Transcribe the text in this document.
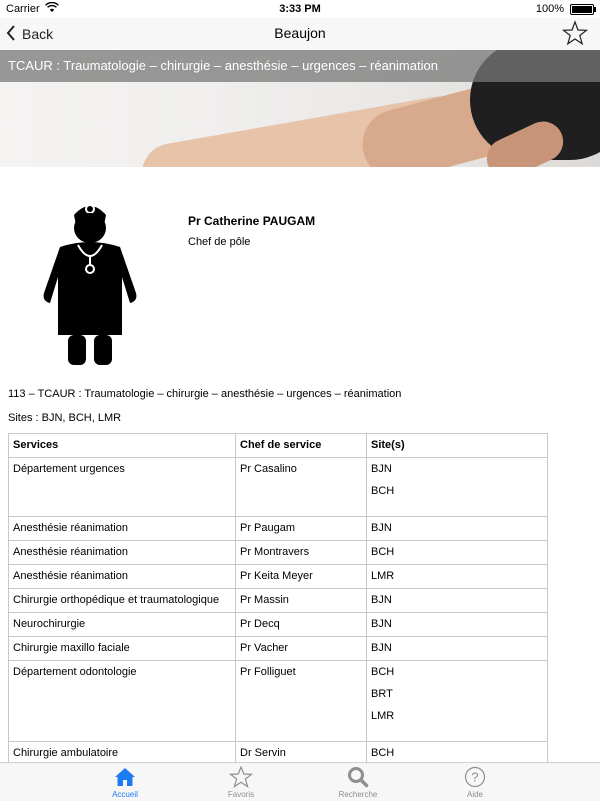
Carrier	3:33 PM	100%
Back	Beaujon
TCAUR : Traumatologie – chirurgie – anesthésie – urgences – réanimation
Pr Catherine PAUGAM
Chef de pôle
113 – TCAUR : Traumatologie – chirurgie – anesthésie – urgences – réanimation
Sites : BJN, BCH, LMR
Services	Chef de service	Site(s)
Département urgences	Pr Casalino	BJN
BCH

Anesthésie réanimation	Pr Paugam	BJN
Anesthésie réanimation	Pr Montravers	BCH
Anesthésie réanimation	Pr Keita Meyer	LMR
Chirurgie orthopédique et traumatologique	Pr Massin	BJN
Neurochirurgie	Pr Decq	BJN
Chirurgie maxillo faciale	Pr Vacher	BJN
Département odontologie	Pr Folliguet	BCH
BRT
LMR

Chirurgie ambulatoire	Dr Servin	BCH
Accueil	Favoris	Recherche
?
Aide
